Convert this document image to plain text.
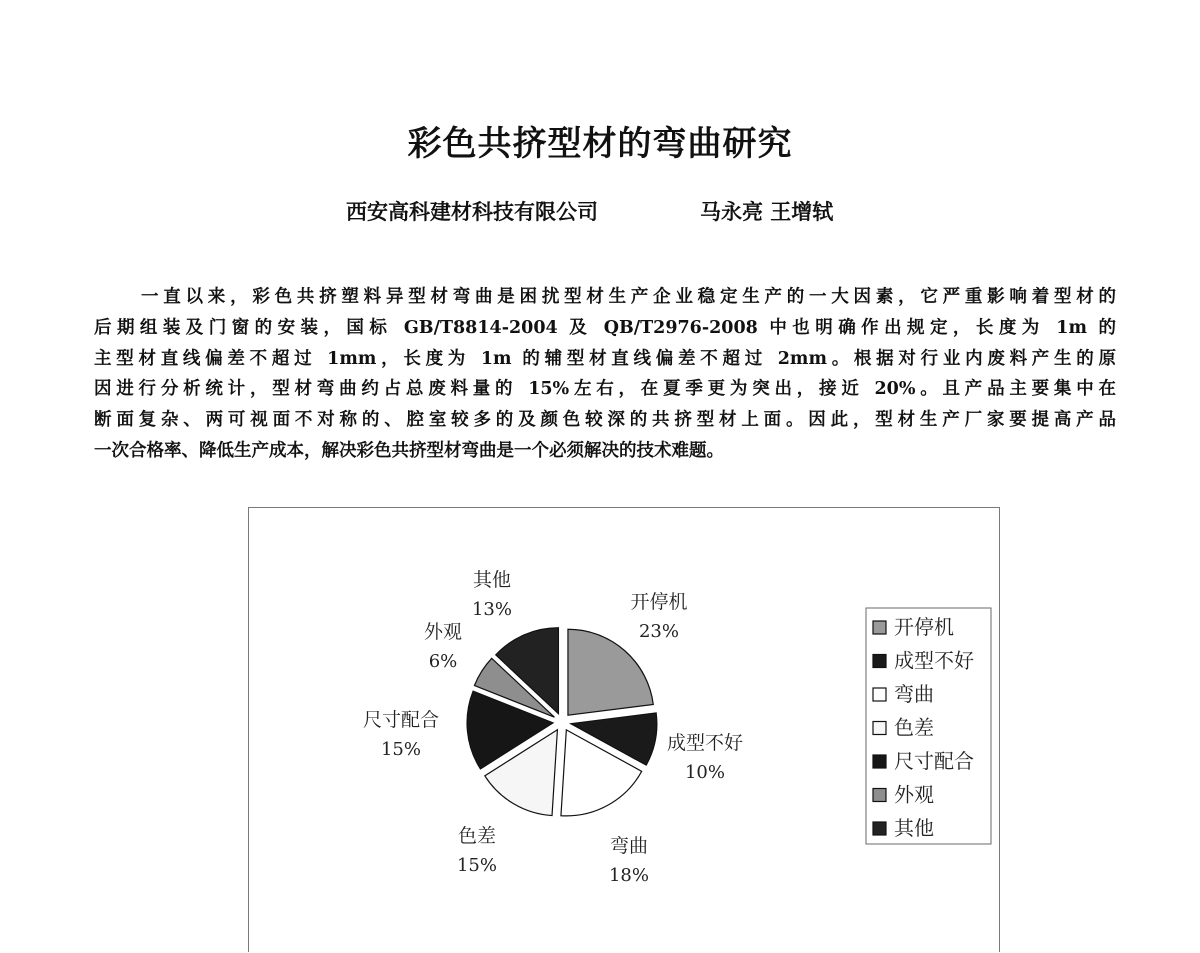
彩色共挤型材的弯曲研究
西安高科建材科技有限公司	马永亮 王增轼
一直以来，彩色共挤塑料异型材弯曲是困扰型材生产企业稳定生产的一大因素，它严重影响着型材的
后期组装及门窗的安装，国标 GB/T8814-2004 及 QB/T2976-2008 中也明确作出规定，长度为 1m 的
主型材直线偏差不超过 1mm，长度为 1m 的辅型材直线偏差不超过 2mm。根据对行业内废料产生的原
因进行分析统计，型材弯曲约占总废料量的 15%左右，在夏季更为突出，接近 20%。且产品主要集中在
断面复杂、两可视面不对称的、腔室较多的及颜色较深的共挤型材上面。因此，型材生产厂家要提高产品
一次合格率、降低生产成本，解决彩色共挤型材弯曲是一个必须解决的技术难题。
开停机
23%
成型不好
10%
弯曲
18%
色差
15%
尺寸配合
15%
外观
6%
其他
13%
开停机
成型不好
弯曲
色差
尺寸配合
外观
其他
